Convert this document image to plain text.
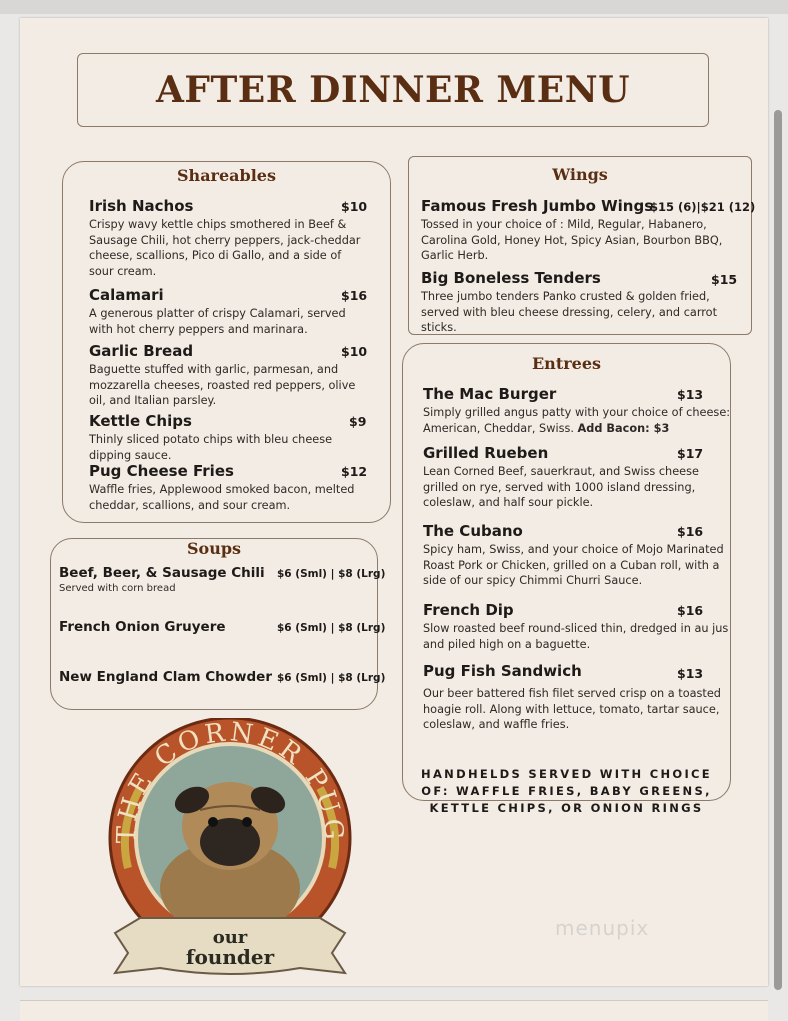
AFTER DINNER MENU
Shareables
Irish Nachos	$10
Crispy wavy kettle chips smothered in Beef & Sausage Chili, hot cherry peppers, jack-cheddar cheese, scallions, Pico di Gallo, and a side of sour cream.
Calamari	$16
A generous platter of crispy Calamari, served with hot cherry peppers and marinara.
Garlic Bread	$10
Baguette stuffed with garlic, parmesan, and mozzarella cheeses, roasted red peppers, olive oil, and Italian parsley.
Kettle Chips	$9
Thinly sliced potato chips with bleu cheese dipping sauce.
Pug Cheese Fries	$12
Waffle fries, Applewood smoked bacon, melted cheddar, scallions, and sour cream.
Wings
Famous Fresh Jumbo Wings
$15 (6)|$21 (12)
Tossed in your choice of : Mild, Regular, Habanero, Carolina Gold, Honey Hot, Spicy Asian, Bourbon BBQ, Garlic Herb.
Big Boneless Tenders	$15
Three jumbo tenders Panko crusted & golden fried, served with bleu cheese dressing, celery, and carrot sticks.
Entrees
The Mac Burger	$13
Simply grilled angus patty with your choice of cheese: American, Cheddar, Swiss. Add Bacon: $3
Grilled Rueben	$17
Lean Corned Beef, sauerkraut, and Swiss cheese grilled on rye, served with 1000 island dressing, coleslaw, and half sour pickle.
The Cubano	$16
Spicy ham, Swiss, and your choice of Mojo Marinated Roast Pork or Chicken, grilled on a Cuban roll, with a side of our spicy Chimmi Churri Sauce.
French Dip	$16
Slow roasted beef round-sliced thin, dredged in au jus and piled high on a baguette.
Pug Fish Sandwich	$13
Our beer battered fish filet served crisp on a toasted hoagie roll. Along with lettuce, tomato, tartar sauce, coleslaw, and waffle fries.
HANDHELDS SERVED WITH CHOICE
OF: WAFFLE FRIES, BABY GREENS,
KETTLE CHIPS, OR ONION RINGS
Soups
Beef, Beer, & Sausage Chili	$6 (Sml) | $8 (Lrg)
Served with corn bread
French Onion Gruyere	$6 (Sml) | $8 (Lrg)
New England Clam Chowder $6 (Sml) | $8 (Lrg)
menupix
THE CORNER PUG
our
founder
